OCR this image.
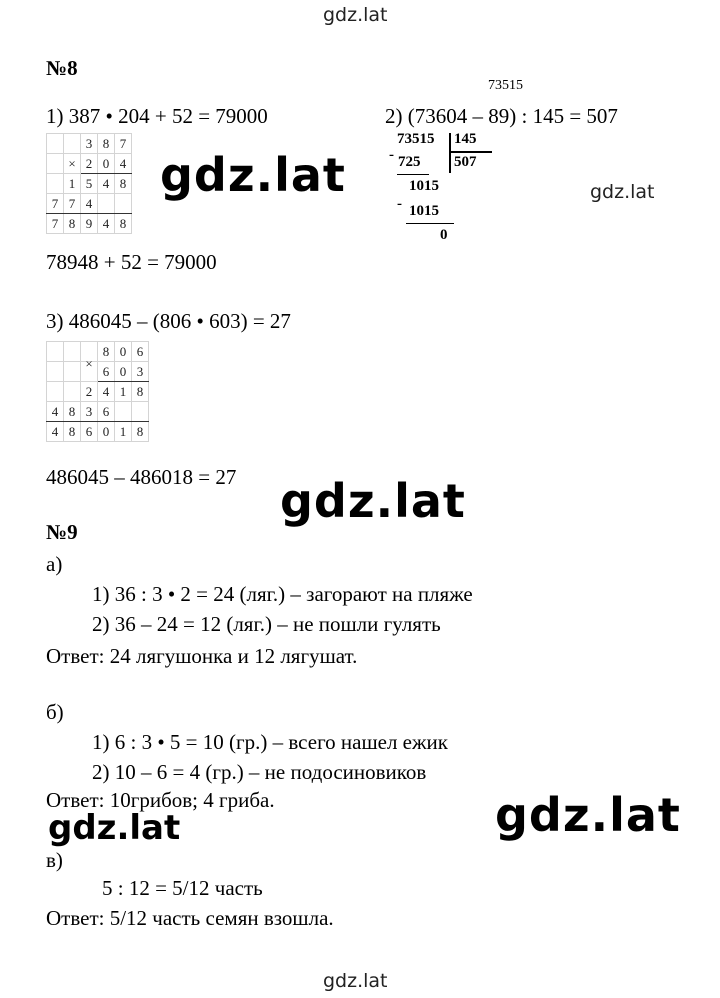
gdz.lat
gdz.lat
gdz.lat
gdz.lat
gdz.lat
gdz.lat
gdz.lat
№8
1) 387 • 204 + 52 = 79000
		3	8	7
	×	2	0	4
	1	5	4	8
7	7	4		
7	8	9	4	8
78948 + 52 = 79000
73515
2) (73604 – 89) : 145 = 507
73515 145
507
- 725
1015
- 1015
0
3) 486045 – (806 • 603) = 27
			8	0	6
		×	6	0	3
		2	4	1	8
4	8	3	6		
4	8	6	0	1	8
486045 – 486018 = 27
№9
а)
1) 36 : 3 • 2 = 24 (ляг.) – загорают на пляже
2) 36 – 24 = 12 (ляг.) – не пошли гулять
Ответ: 24 лягушонка и 12 лягушат.
б)
1) 6 : 3 • 5 = 10 (гр.) – всего нашел ежик
2) 10 – 6 = 4 (гр.) – не подосиновиков
Ответ: 10грибов; 4 гриба.
в)
5 : 12 = 5/12 часть
Ответ: 5/12 часть семян взошла.
